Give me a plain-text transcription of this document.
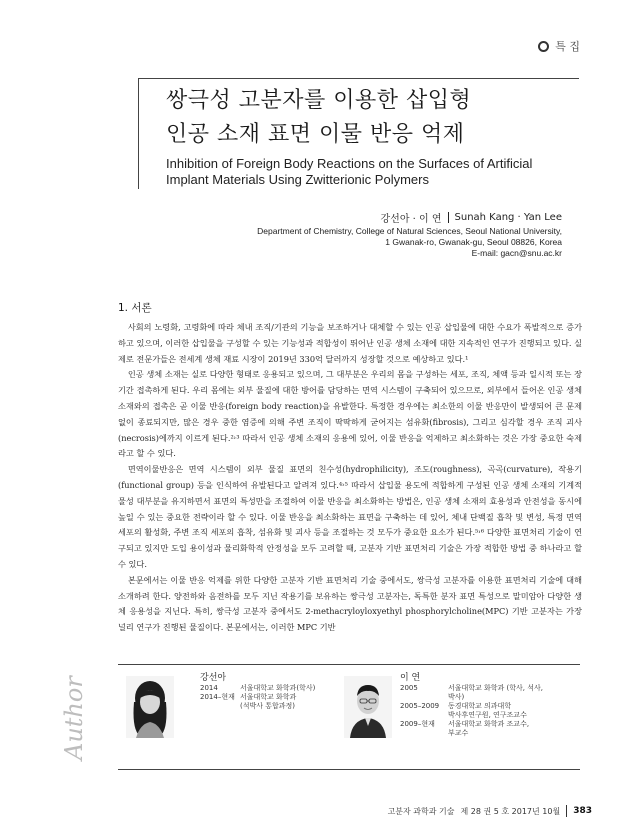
특 집
쌍극성 고분자를 이용한 삽입형
인공 소재 표면 이물 반응 억제
Inhibition of Foreign Body Reactions on the Surfaces of Artificial
Implant Materials Using Zwitterionic Polymers
강선아 · 이 연 Sunah Kang · Yan Lee
Department of Chemistry, College of Natural Sciences, Seoul National University,
1 Gwanak-ro, Gwanak-gu, Seoul 08826, Korea
E-mail: gacn@snu.ac.kr
1. 서론

사회의 노령화, 고령화에 따라 체내 조직/기관의 기능을 보조하거나 대체할 수 있는 인공 삽입물에 대한 수요가 폭발적으로 증가하고 있으며, 이러한 삽입물을 구성할 수 있는 기능성과 적합성이 뛰어난 인공 생체 소재에 대한 지속적인 연구가 진행되고 있다. 실제로 전문가들은 전세계 생체 재료 시장이 2019년 330억 달러까지 성장할 것으로 예상하고 있다.¹

인공 생체 소재는 실로 다양한 형태로 응용되고 있으며, 그 대부분은 우리의 몸을 구성하는 세포, 조직, 체액 등과 일시적 또는 장기간 접촉하게 된다. 우리 몸에는 외부 물질에 대한 방어를 담당하는 면역 시스템이 구축되어 있으므로, 외부에서 들어온 인공 생체 소재와의 접촉은 곧 이물 반응(foreign body reaction)을 유발한다. 특정한 경우에는 최소한의 이물 반응만이 발생되어 큰 문제 없이 종료되지만, 많은 경우 중한 염증에 의해 주변 조직이 딱딱하게 굳어지는 섬유화(fibrosis), 그리고 심각할 경우 조직 괴사(necrosis)에까지 이르게 된다.²˒³ 따라서 인공 생체 소재의 응용에 있어, 이물 반응을 억제하고 최소화하는 것은 가장 중요한 숙제라고 할 수 있다.

면역이물반응은 면역 시스템이 외부 물질 표면의 친수성(hydrophilicity), 조도(roughness), 곡곡(curvature), 작용기(functional group) 등을 인식하여 유발된다고 알려져 있다.⁴˒⁵ 따라서 삽입물 용도에 적합하게 구성된 인공 생체 소재의 기계적 물성 대부분을 유지하면서 표면의 특성만을 조절하여 이물 반응을 최소화하는 방법은, 인공 생체 소재의 효용성과 안전성을 동시에 높일 수 있는 중요한 전략이라 할 수 있다. 이물 반응을 최소화하는 표면을 구축하는 데 있어, 체내 단백질 흡착 및 변성, 특정 면역 세포의 활성화, 주변 조직 세포의 흡착, 섬유화 및 괴사 등을 조절하는 것 모두가 중요한 요소가 된다.⁵˒⁶ 다양한 표면처리 기술이 연구되고 있지만 도입 용이성과 물리화학적 안정성을 모두 고려할 때, 고분자 기반 표면처리 기술은 가장 적합한 방법 중 하나라고 할 수 있다.

본문에서는 이물 반응 억제를 위한 다양한 고분자 기반 표면처리 기술 중에서도, 쌍극성 고분자를 이용한 표면처리 기술에 대해 소개하려 한다. 양전하와 음전하를 모두 지닌 작용기를 보유하는 쌍극성 고분자는, 독특한 분자 표면 특성으로 말미암아 다양한 생체 응용성을 지닌다. 특히, 쌍극성 고분자 중에서도 2-methacryloyloxyethyl phosphorylcholine(MPC) 기반 고분자는 가장 널리 연구가 진행된 물질이다. 본문에서는, 이러한 MPC 기반

Author	강선아
2014	서울대학교 화학과(학사)
2014–현재 서울대학교 화학과
(석박사 통합과정)
이 연
2005	서울대학교 화학과 (학사, 석사,
박사)
2005–2009	동경대학교 의과대학
박사후연구원, 연구조교수
2009–현재	서울대학교 화학과 조교수,
부교수
고분자 과학과 기술 제 28 권 5 호 2017년 10월 383
